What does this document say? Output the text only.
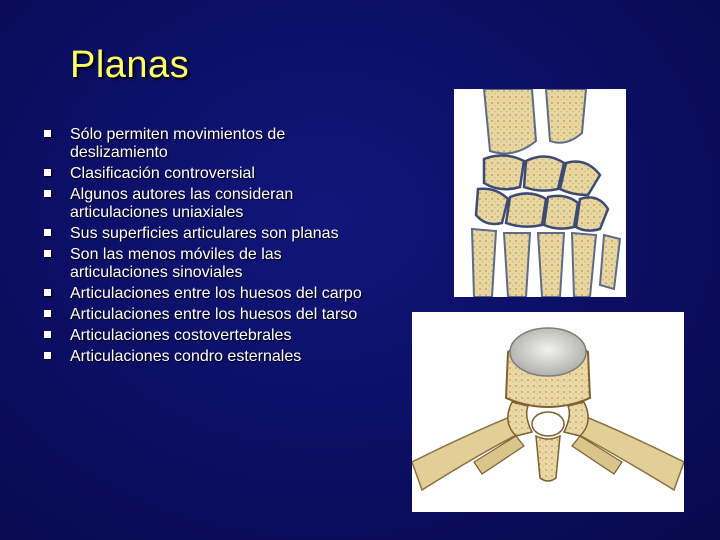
Planas
Sólo permiten movimientos de deslizamiento
Clasificación controversial
Algunos autores las consideran articulaciones uniaxiales
Sus superficies articulares son planas
Son las menos móviles de las articulaciones sinoviales
Articulaciones entre los huesos del carpo
Articulaciones entre los huesos del tarso
Articulaciones costovertebrales
Articulaciones condro esternales
